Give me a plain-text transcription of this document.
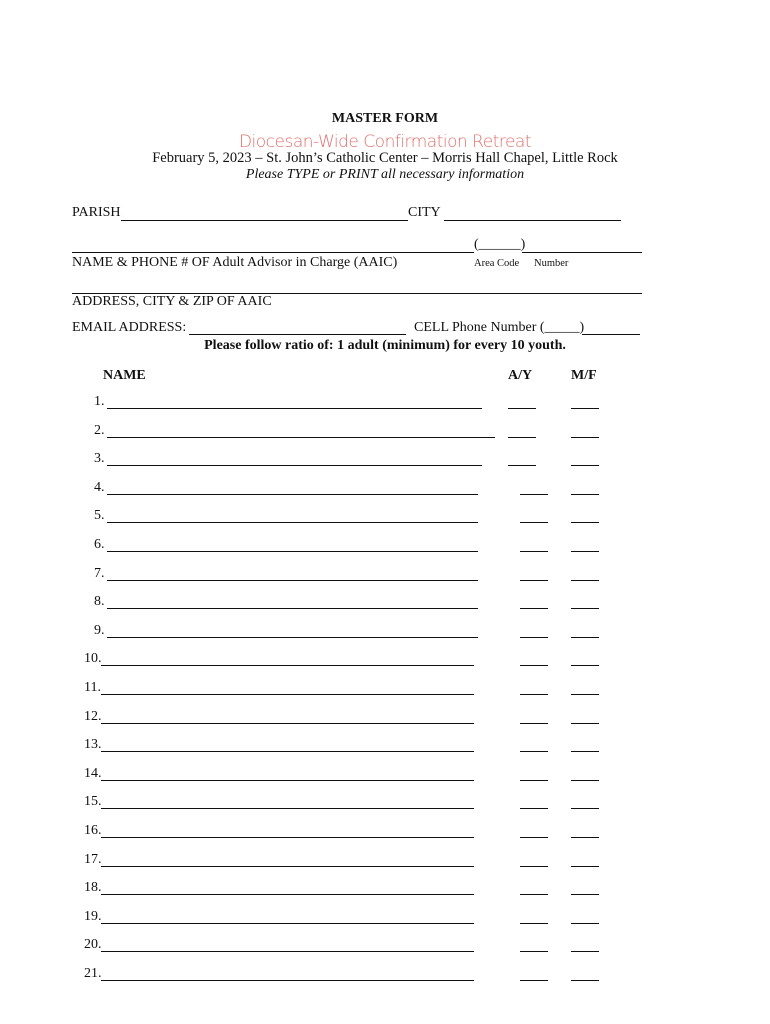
MASTER FORM
Diocesan-Wide Confirmation Retreat
February 5, 2023 – St. John’s Catholic Center – Morris Hall Chapel, Little Rock
Please TYPE or PRINT all necessary information
PARISH	CITY
(______)
NAME & PHONE # OF Adult Advisor in Charge (AAIC)	Area Code Number
ADDRESS, CITY & ZIP OF AAIC
EMAIL ADDRESS:	CELL Phone Number (_____)
Please follow ratio of: 1 adult (minimum) for every 10 youth.
NAME	A/Y	M/F
1.
2.
3.
4.
5.
6.
7.
8.
9.
10.
11.
12.
13.
14.
15.
16.
17.
18.
19.
20.
21.
